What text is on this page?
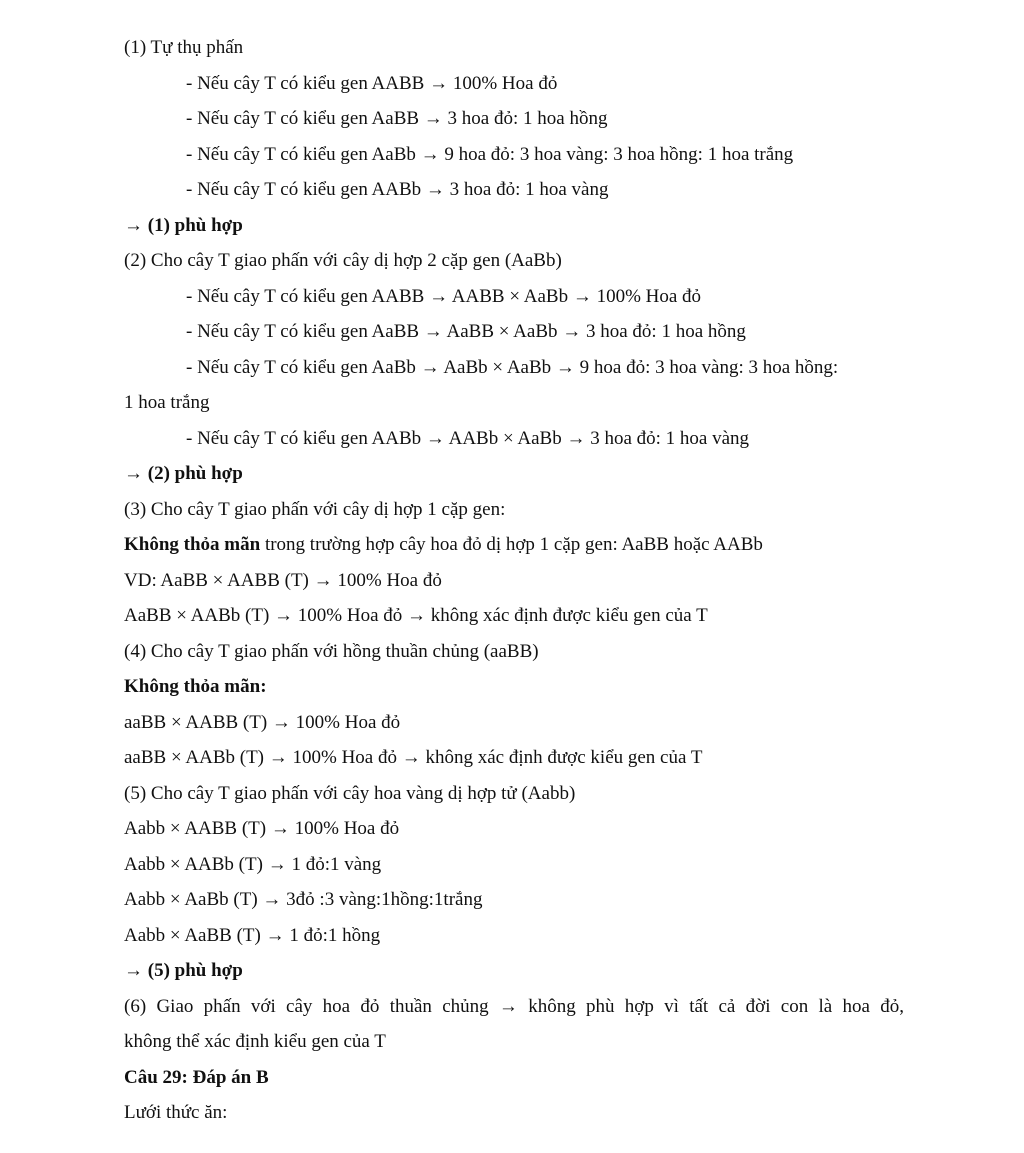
(1) Tự thụ phấn
- Nếu cây T có kiểu gen AABB → 100% Hoa đỏ
- Nếu cây T có kiểu gen AaBB → 3 hoa đỏ: 1 hoa hồng
- Nếu cây T có kiểu gen AaBb → 9 hoa đỏ: 3 hoa vàng: 3 hoa hồng: 1 hoa trắng
- Nếu cây T có kiểu gen AABb → 3 hoa đỏ: 1 hoa vàng
→ (1) phù hợp
(2) Cho cây T giao phấn với cây dị hợp 2 cặp gen (AaBb)
- Nếu cây T có kiểu gen AABB → AABB × AaBb → 100% Hoa đỏ
- Nếu cây T có kiểu gen AaBB → AaBB × AaBb → 3 hoa đỏ: 1 hoa hồng
- Nếu cây T có kiểu gen AaBb → AaBb × AaBb → 9 hoa đỏ: 3 hoa vàng: 3 hoa hồng:
1 hoa trắng
- Nếu cây T có kiểu gen AABb → AABb × AaBb → 3 hoa đỏ: 1 hoa vàng
→ (2) phù hợp
(3) Cho cây T giao phấn với cây dị hợp 1 cặp gen:
Không thỏa mãn trong trường hợp cây hoa đỏ dị hợp 1 cặp gen: AaBB hoặc AABb
VD: AaBB × AABB (T) → 100% Hoa đỏ
AaBB × AABb (T) → 100% Hoa đỏ → không xác định được kiểu gen của T
(4) Cho cây T giao phấn với hồng thuần chủng (aaBB)
Không thỏa mãn:
aaBB × AABB (T) → 100% Hoa đỏ
aaBB × AABb (T) → 100% Hoa đỏ → không xác định được kiểu gen của T
(5) Cho cây T giao phấn với cây hoa vàng dị hợp tử (Aabb)
Aabb × AABB (T) → 100% Hoa đỏ
Aabb × AABb (T) → 1 đỏ:1 vàng
Aabb × AaBb (T) → 3đỏ :3 vàng:1hồng:1trắng
Aabb × AaBB (T) → 1 đỏ:1 hồng
→ (5) phù hợp
(6) Giao phấn với cây hoa đỏ thuần chủng → không phù hợp vì tất cả đời con là hoa đỏ,
không thể xác định kiểu gen của T
Câu 29: Đáp án B
Lưới thức ăn:
